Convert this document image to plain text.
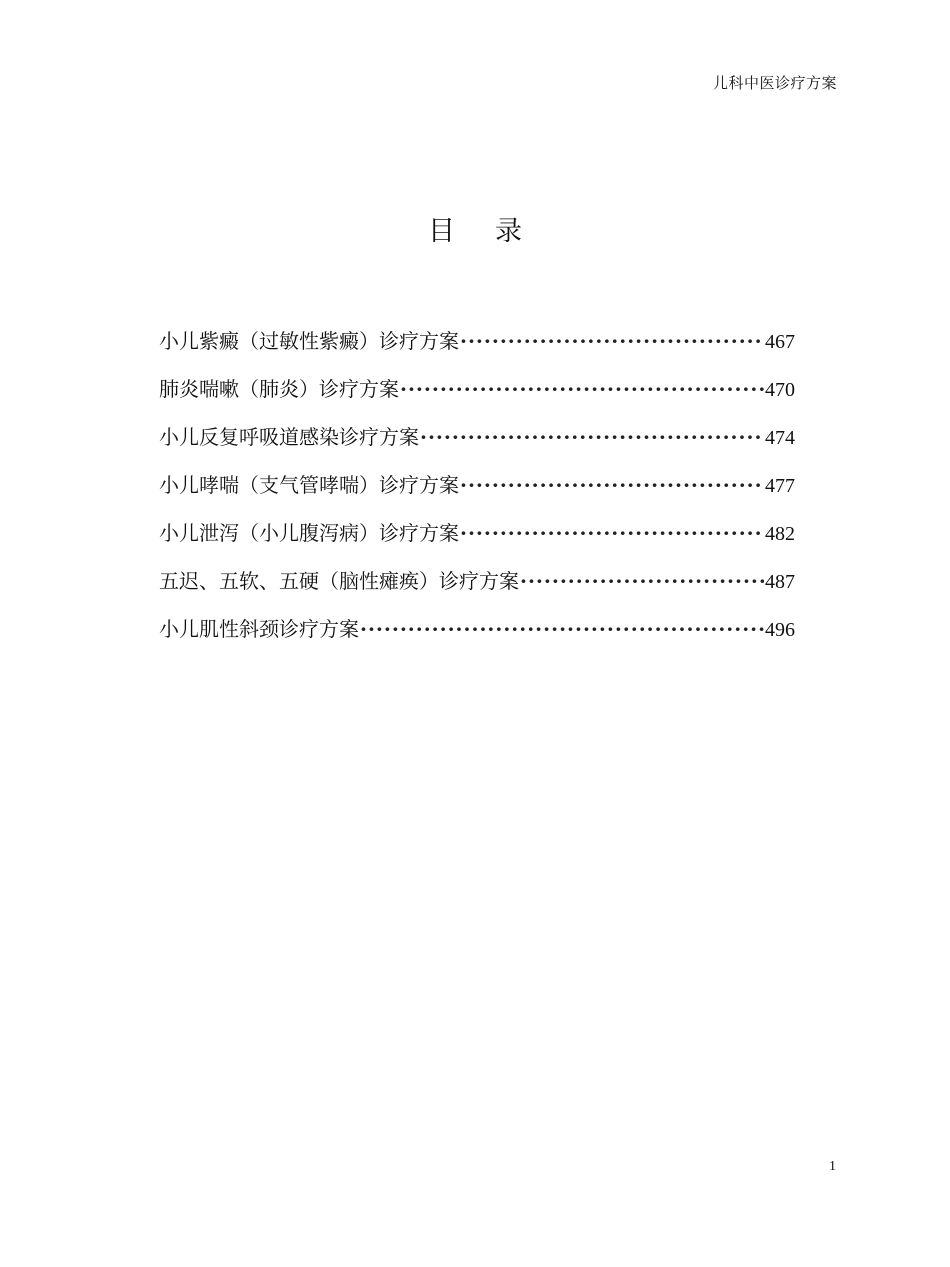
儿科中医诊疗方案
目录
小儿紫癜（过敏性紫癜）诊疗方案 ·····	467
肺炎喘嗽（肺炎）诊疗方案 ·····	470
小儿反复呼吸道感染诊疗方案 ·····	474
小儿哮喘（支气管哮喘）诊疗方案 ·····	477
小儿泄泻（小儿腹泻病）诊疗方案 ·····	482
五迟、五软、五硬（脑性瘫痪）诊疗方案 ·····	487
小儿肌性斜颈诊疗方案 ·····	496
1
